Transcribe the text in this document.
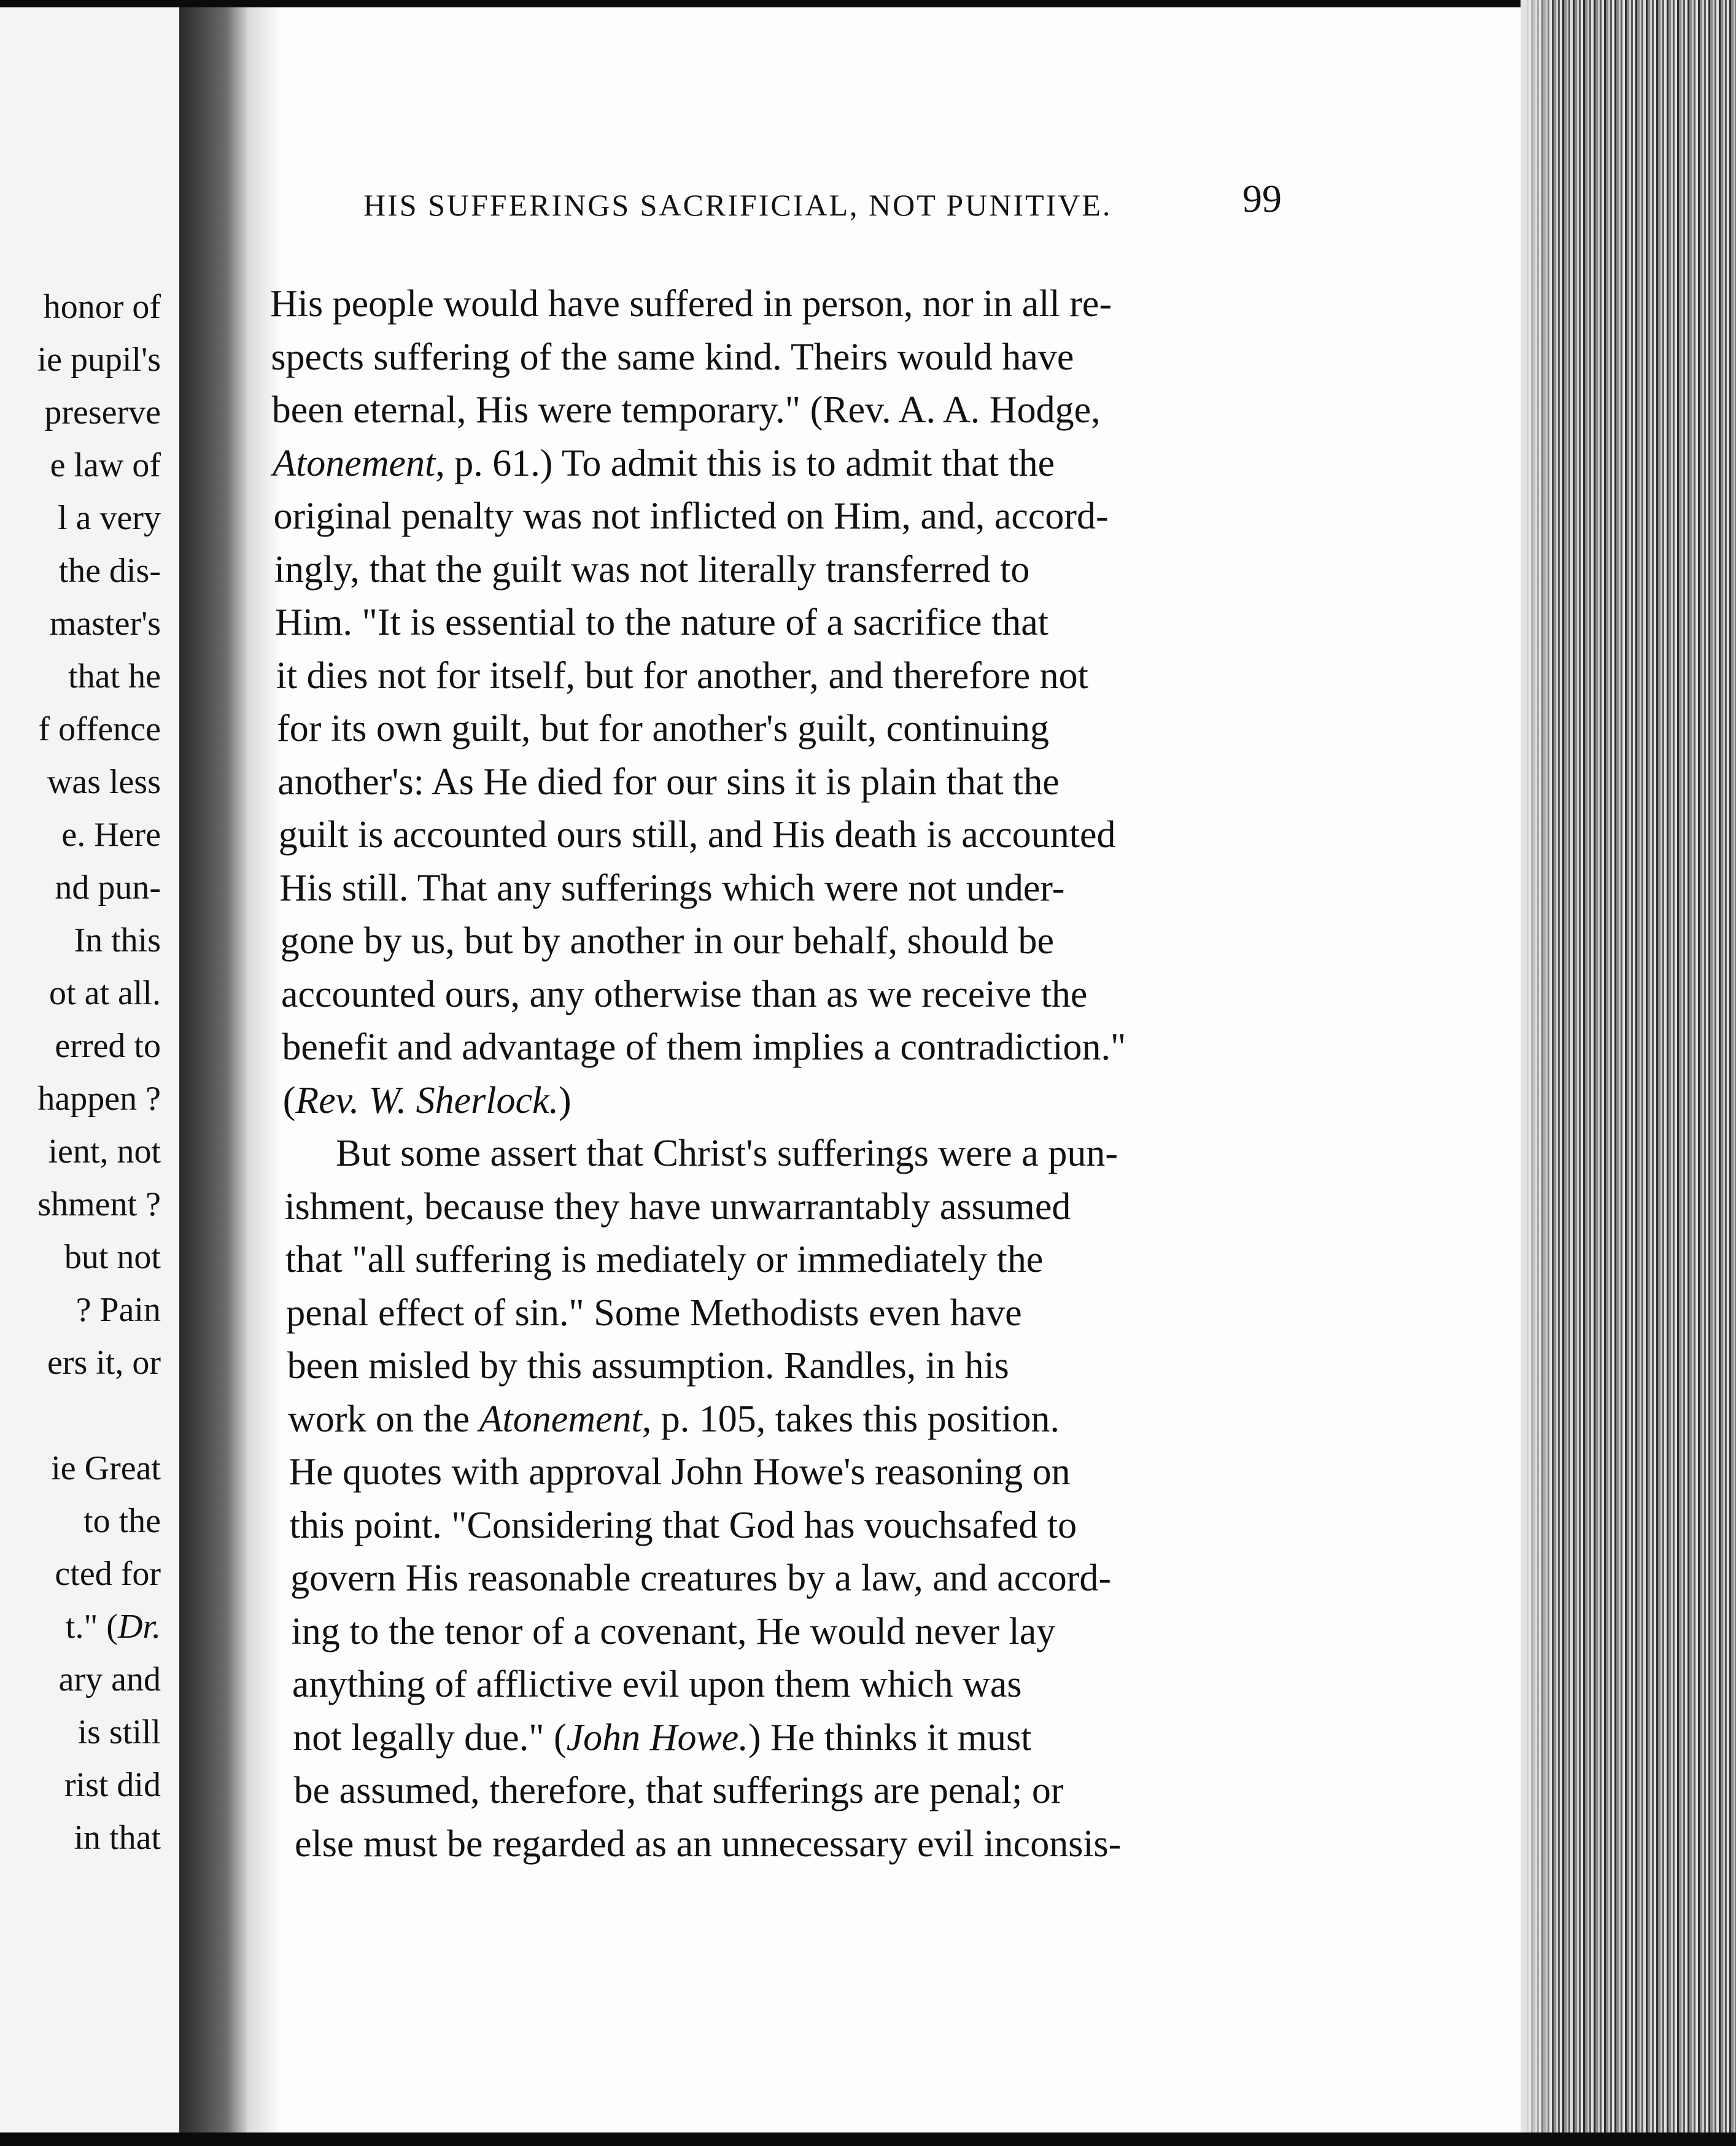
honor of
ie pupil's
preserve
e law of
l a very
the dis-
master's
that he
f offence
was less
e. Here
nd pun-
In this
ot at all.
erred to
happen ?
ient, not
shment ?
but not
? Pain
ers it, or
ie Great
to the
cted for
t." (Dr.
ary and
is still
rist did
in that
HIS SUFFERINGS SACRIFICIAL, NOT PUNITIVE.	99
His people would have suffered in person, nor in all re-
spects suffering of the same kind. Theirs would have
been eternal, His were temporary." (Rev. A. A. Hodge,
Atonement, p. 61.) To admit this is to admit that the
original penalty was not inflicted on Him, and, accord-
ingly, that the guilt was not literally transferred to
Him. "It is essential to the nature of a sacrifice that
it dies not for itself, but for another, and therefore not
for its own guilt, but for another's guilt, continuing
another's: As He died for our sins it is plain that the
guilt is accounted ours still, and His death is accounted
His still. That any sufferings which were not under-
gone by us, but by another in our behalf, should be
accounted ours, any otherwise than as we receive the
benefit and advantage of them implies a contradiction."
(Rev. W. Sherlock.)
But some assert that Christ's sufferings were a pun-
ishment, because they have unwarrantably assumed
that "all suffering is mediately or immediately the
penal effect of sin." Some Methodists even have
been misled by this assumption. Randles, in his
work on the Atonement, p. 105, takes this position.
He quotes with approval John Howe's reasoning on
this point. "Considering that God has vouchsafed to
govern His reasonable creatures by a law, and accord-
ing to the tenor of a covenant, He would never lay
anything of afflictive evil upon them which was
not legally due." (John Howe.) He thinks it must
be assumed, therefore, that sufferings are penal; or
else must be regarded as an unnecessary evil inconsis-
